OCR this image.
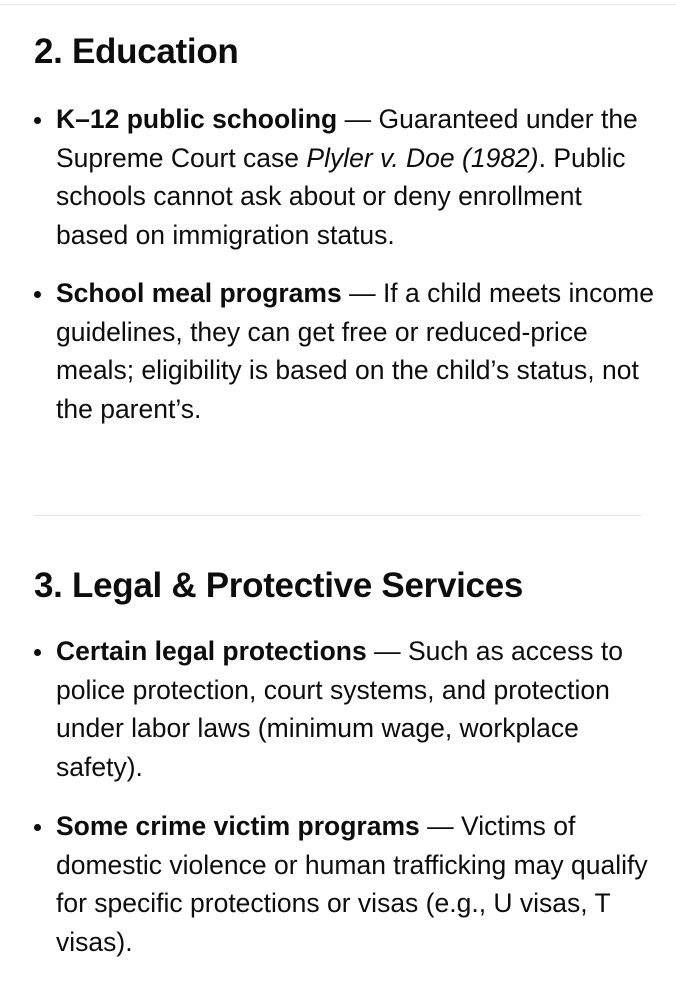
2. Education
K–12 public schooling — Guaranteed under the Supreme Court case Plyler v. Doe (1982). Public schools cannot ask about or deny enrollment based on immigration status.
School meal programs — If a child meets income guidelines, they can get free or reduced-price meals; eligibility is based on the child’s status, not the parent’s.
3. Legal & Protective Services
Certain legal protections — Such as access to police protection, court systems, and protection under labor laws (minimum wage, workplace safety).
Some crime victim programs — Victims of domestic violence or human trafficking may qualify for specific protections or visas (e.g., U visas, T visas).
